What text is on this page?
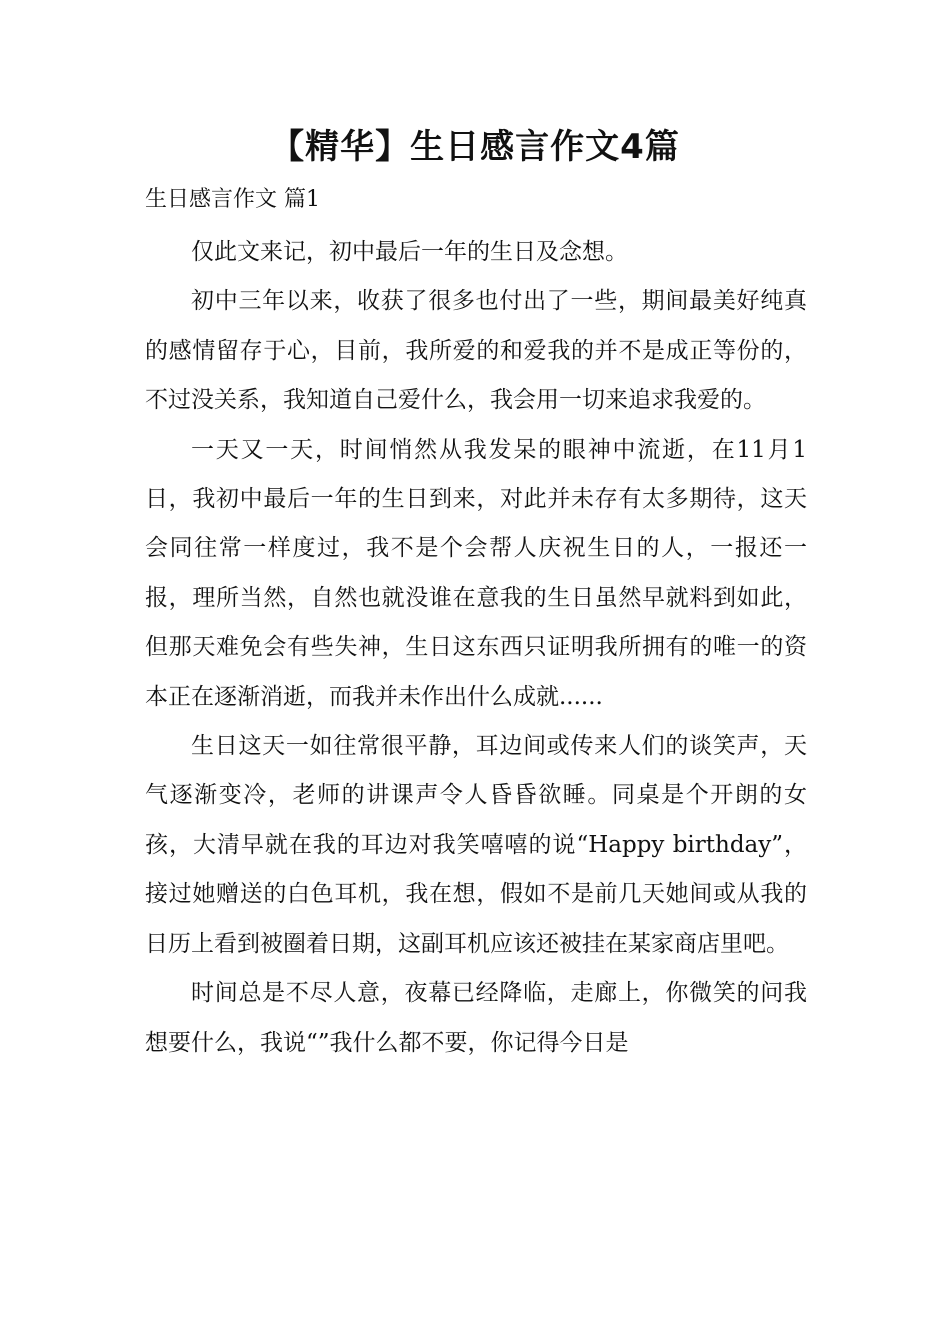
【精华】生日感言作文4篇
生日感言作文 篇1

仅此文来记，初中最后一年的生日及念想。

初中三年以来，收获了很多也付出了一些，期间最美好纯真的感情留存于心，目前，我所爱的和爱我的并不是成正等份的，不过没关系，我知道自己爱什么，我会用一切来追求我爱的。

一天又一天，时间悄然从我发呆的眼神中流逝，在11月1日，我初中最后一年的生日到来，对此并未存有太多期待，这天会同往常一样度过，我不是个会帮人庆祝生日的人，一报还一报，理所当然，自然也就没谁在意我的生日虽然早就料到如此，但那天难免会有些失神，生日这东西只证明我所拥有的唯一的资本正在逐渐消逝，而我并未作出什么成就......

生日这天一如往常很平静，耳边间或传来人们的谈笑声，天气逐渐变冷，老师的讲课声令人昏昏欲睡。同桌是个开朗的女孩，大清早就在我的耳边对我笑嘻嘻的说“Happy birthday”，接过她赠送的白色耳机，我在想，假如不是前几天她间或从我的日历上看到被圈着日期，这副耳机应该还被挂在某家商店里吧。

时间总是不尽人意，夜幕已经降临，走廊上，你微笑的问我想要什么，我说“”我什么都不要，你记得今日是
